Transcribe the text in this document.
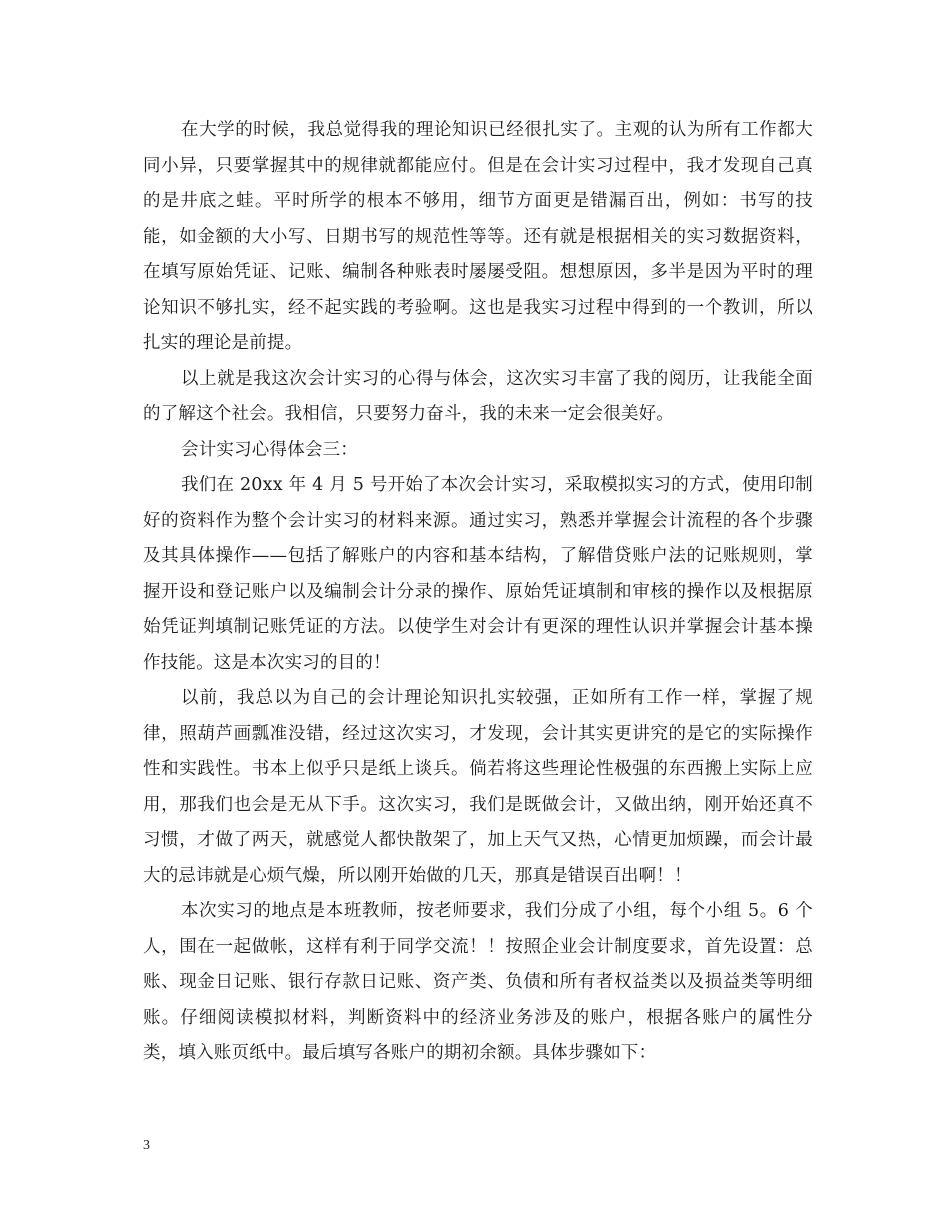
在大学的时候，我总觉得我的理论知识已经很扎实了。主观的认为所有工作都大同小异，只要掌握其中的规律就都能应付。但是在会计实习过程中，我才发现自己真的是井底之蛙。平时所学的根本不够用，细节方面更是错漏百出，例如：书写的技能，如金额的大小写、日期书写的规范性等等。还有就是根据相关的实习数据资料，在填写原始凭证、记账、编制各种账表时屡屡受阻。想想原因，多半是因为平时的理论知识不够扎实，经不起实践的考验啊。这也是我实习过程中得到的一个教训，所以扎实的理论是前提。

以上就是我这次会计实习的心得与体会，这次实习丰富了我的阅历，让我能全面的了解这个社会。我相信，只要努力奋斗，我的未来一定会很美好。

会计实习心得体会三：

我们在 20xx 年 4 月 5 号开始了本次会计实习，采取模拟实习的方式，使用印制好的资料作为整个会计实习的材料来源。通过实习，熟悉并掌握会计流程的各个步骤及其具体操作——包括了解账户的内容和基本结构，了解借贷账户法的记账规则，掌握开设和登记账户以及编制会计分录的操作、原始凭证填制和审核的操作以及根据原始凭证判填制记账凭证的方法。以使学生对会计有更深的理性认识并掌握会计基本操作技能。这是本次实习的目的！

以前，我总以为自己的会计理论知识扎实较强，正如所有工作一样，掌握了规律，照葫芦画瓢准没错，经过这次实习，才发现，会计其实更讲究的是它的实际操作性和实践性。书本上似乎只是纸上谈兵。倘若将这些理论性极强的东西搬上实际上应用，那我们也会是无从下手。这次实习，我们是既做会计，又做出纳，刚开始还真不习惯，才做了两天，就感觉人都快散架了，加上天气又热，心情更加烦躁，而会计最大的忌讳就是心烦气燥，所以刚开始做的几天，那真是错误百出啊！！

本次实习的地点是本班教师，按老师要求，我们分成了小组，每个小组 5。6 个人，围在一起做帐，这样有利于同学交流！！按照企业会计制度要求，首先设置：总账、现金日记账、银行存款日记账、资产类、负债和所有者权益类以及损益类等明细账。仔细阅读模拟材料，判断资料中的经济业务涉及的账户，根据各账户的属性分类，填入账页纸中。最后填写各账户的期初余额。具体步骤如下：

3
